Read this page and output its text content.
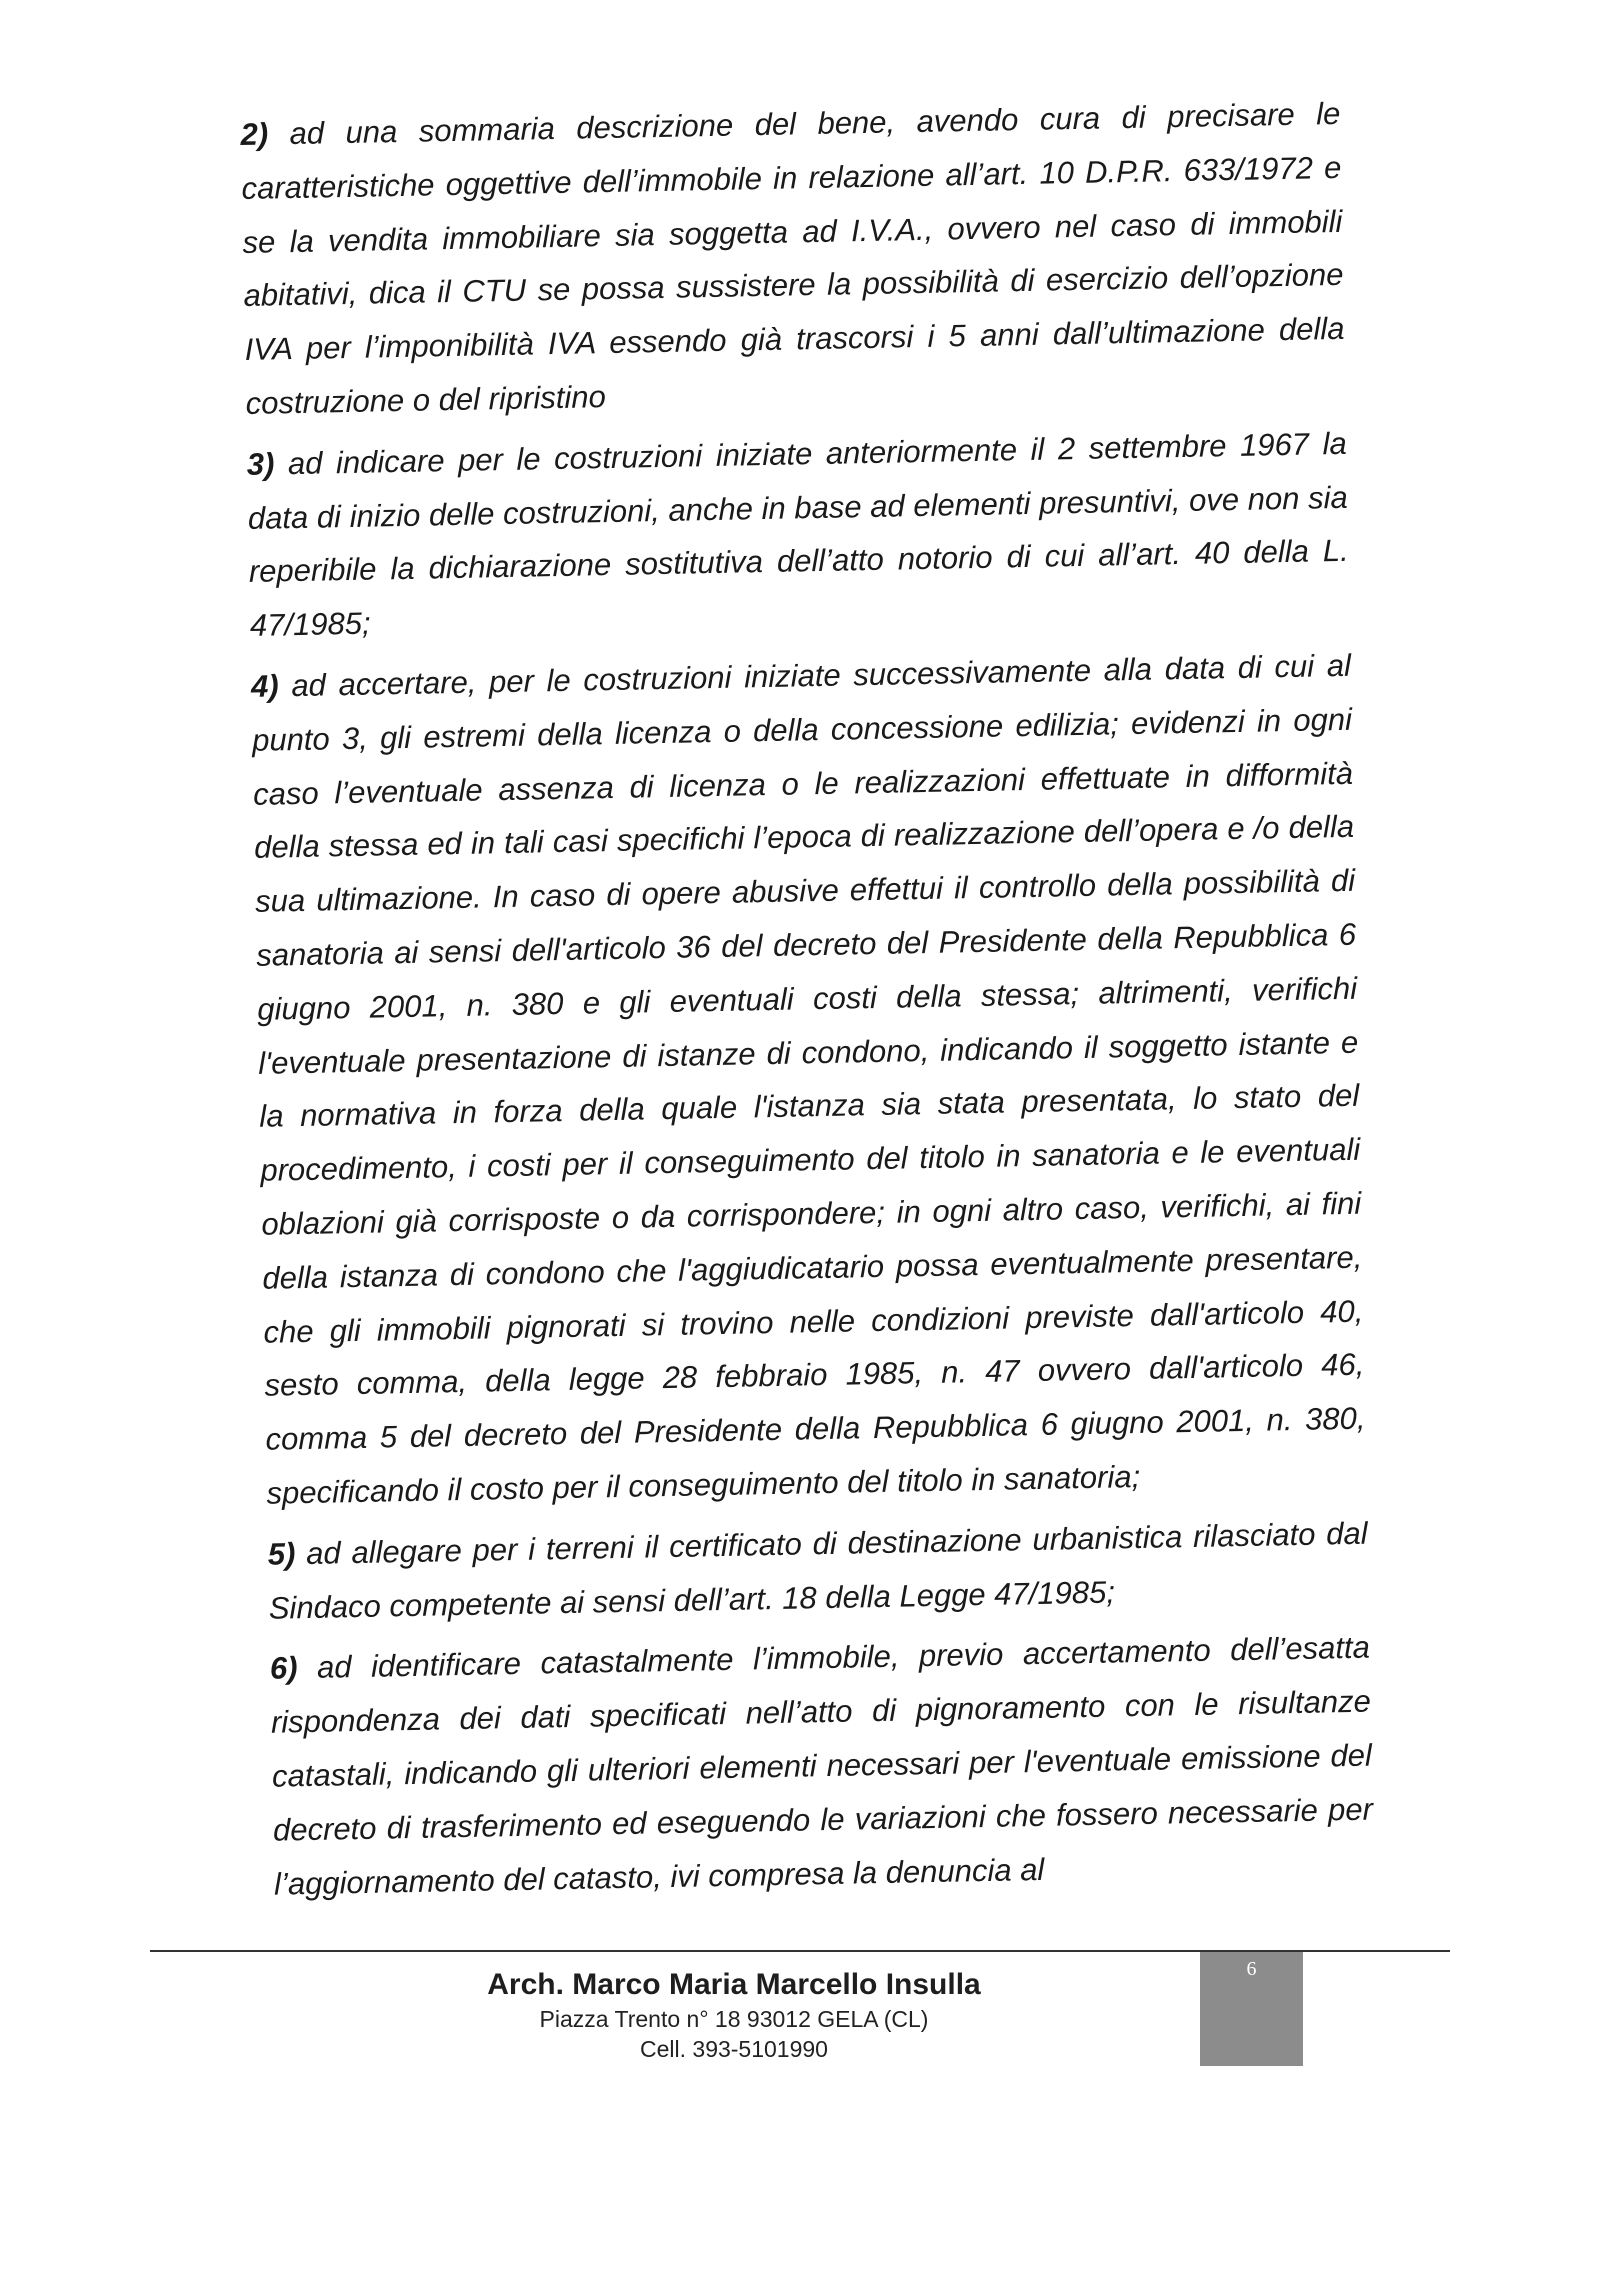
2) ad una sommaria descrizione del bene, avendo cura di precisare le caratteristiche oggettive dell’immobile in relazione all’art. 10 D.P.R. 633/1972 e se la vendita immobiliare sia soggetta ad I.V.A., ovvero nel caso di immobili abitativi, dica il CTU se possa sussistere la possibilità di esercizio dell’opzione IVA per l’imponibilità IVA essendo già trascorsi i 5 anni dall’ultimazione della costruzione o del ripristino

3) ad indicare per le costruzioni iniziate anteriormente il 2 settembre 1967 la data di inizio delle costruzioni, anche in base ad elementi presuntivi, ove non sia reperibile la dichiarazione sostitutiva dell’atto notorio di cui all’art. 40 della L. 47/1985;

4) ad accertare, per le costruzioni iniziate successivamente alla data di cui al punto 3, gli estremi della licenza o della concessione edilizia; evidenzi in ogni caso l’eventuale assenza di licenza o le realizzazioni effettuate in difformità della stessa ed in tali casi specifichi l’epoca di realizzazione dell’opera e /o della sua ultimazione. In caso di opere abusive effettui il controllo della possibilità di sanatoria ai sensi dell'articolo 36 del decreto del Presidente della Repubblica 6 giugno 2001, n. 380 e gli eventuali costi della stessa; altrimenti, verifichi l'eventuale presentazione di istanze di condono, indicando il soggetto istante e la normativa in forza della quale l'istanza sia stata presentata, lo stato del procedimento, i costi per il conseguimento del titolo in sanatoria e le eventuali oblazioni già corrisposte o da corrispondere; in ogni altro caso, verifichi, ai fini della istanza di condono che l'aggiudicatario possa eventualmente presentare, che gli immobili pignorati si trovino nelle condizioni previste dall'articolo 40, sesto comma, della legge 28 febbraio 1985, n. 47 ovvero dall'articolo 46, comma 5 del decreto del Presidente della Repubblica 6 giugno 2001, n. 380, specificando il costo per il conseguimento del titolo in sanatoria;

5) ad allegare per i terreni il certificato di destinazione urbanistica rilasciato dal Sindaco competente ai sensi dell’art. 18 della Legge 47/1985;

6) ad identificare catastalmente l’immobile, previo accertamento dell’esatta rispondenza dei dati specificati nell’atto di pignoramento con le risultanze catastali, indicando gli ulteriori elementi necessari per l'eventuale emissione del decreto di trasferimento ed eseguendo le variazioni che fossero necessarie per l’aggiornamento del catasto, ivi compresa la denuncia al

Arch. Marco Maria Marcello Insulla
Piazza Trento n° 18 93012 GELA (CL)
Cell. 393-5101990
6
